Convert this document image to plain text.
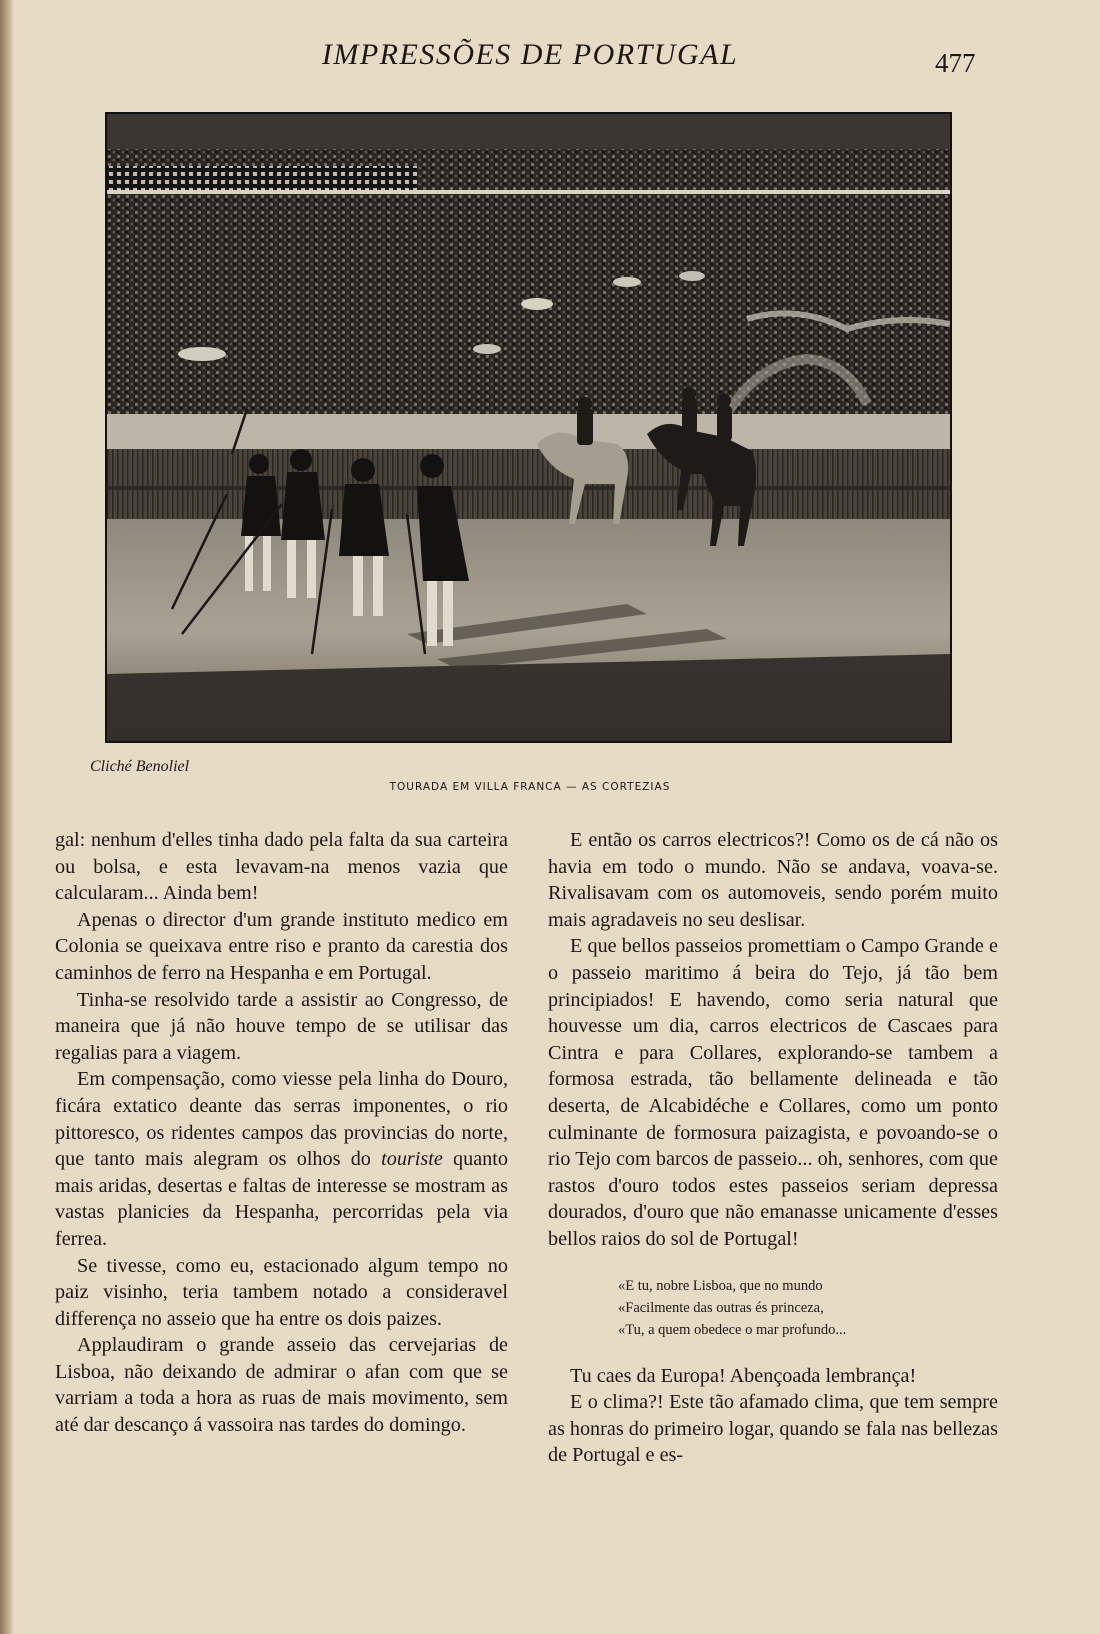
IMPRESSÕES DE PORTUGAL	477
Cliché Benoliel
TOURADA EM VILLA FRANCA — AS CORTEZIAS

gal: nenhum d'elles tinha dado pela falta da sua carteira ou bolsa, e esta levavam-na menos vazia que calcularam... Ainda bem!

Apenas o director d'um grande instituto medico em Colonia se queixava entre riso e pranto da carestia dos caminhos de ferro na Hespanha e em Portugal.

Tinha-se resolvido tarde a assistir ao Congresso, de maneira que já não houve tempo de se utilisar das regalias para a viagem.

Em compensação, como viesse pela linha do Douro, ficára extatico deante das serras imponentes, o rio pittoresco, os ridentes campos das provincias do norte, que tanto mais alegram os olhos do touriste quanto mais aridas, desertas e faltas de interesse se mostram as vastas planicies da Hespanha, percorridas pela via ferrea.

Se tivesse, como eu, estacionado algum tempo no paiz visinho, teria tambem notado a consideravel differença no asseio que ha entre os dois paizes.

Applaudiram o grande asseio das cervejarias de Lisboa, não deixando de admirar o afan com que se varriam a toda a hora as ruas de mais movimento, sem até dar descanço á vassoira nas tardes do domingo.

E então os carros electricos?! Como os de cá não os havia em todo o mundo. Não se andava, voava-se. Rivalisavam com os automoveis, sendo porém muito mais agradaveis no seu deslisar.

E que bellos passeios promettiam o Campo Grande e o passeio maritimo á beira do Tejo, já tão bem principiados! E havendo, como seria natural que houvesse um dia, carros electricos de Cascaes para Cintra e para Collares, explorando-se tambem a formosa estrada, tão bellamente delineada e tão deserta, de Alcabidéche e Collares, como um ponto culminante de formosura paizagista, e povoando-se o rio Tejo com barcos de passeio... oh, senhores, com que rastos d'ouro todos estes passeios seriam depressa dourados, d'ouro que não emanasse unicamente d'esses bellos raios do sol de Portugal!

«E tu, nobre Lisboa, que no mundo
«Facilmente das outras és princeza,
«Tu, a quem obedece o mar profundo...

Tu caes da Europa! Abençoada lembrança!

E o clima?! Este tão afamado clima, que tem sempre as honras do primeiro logar, quando se fala nas bellezas de Portugal e es-
